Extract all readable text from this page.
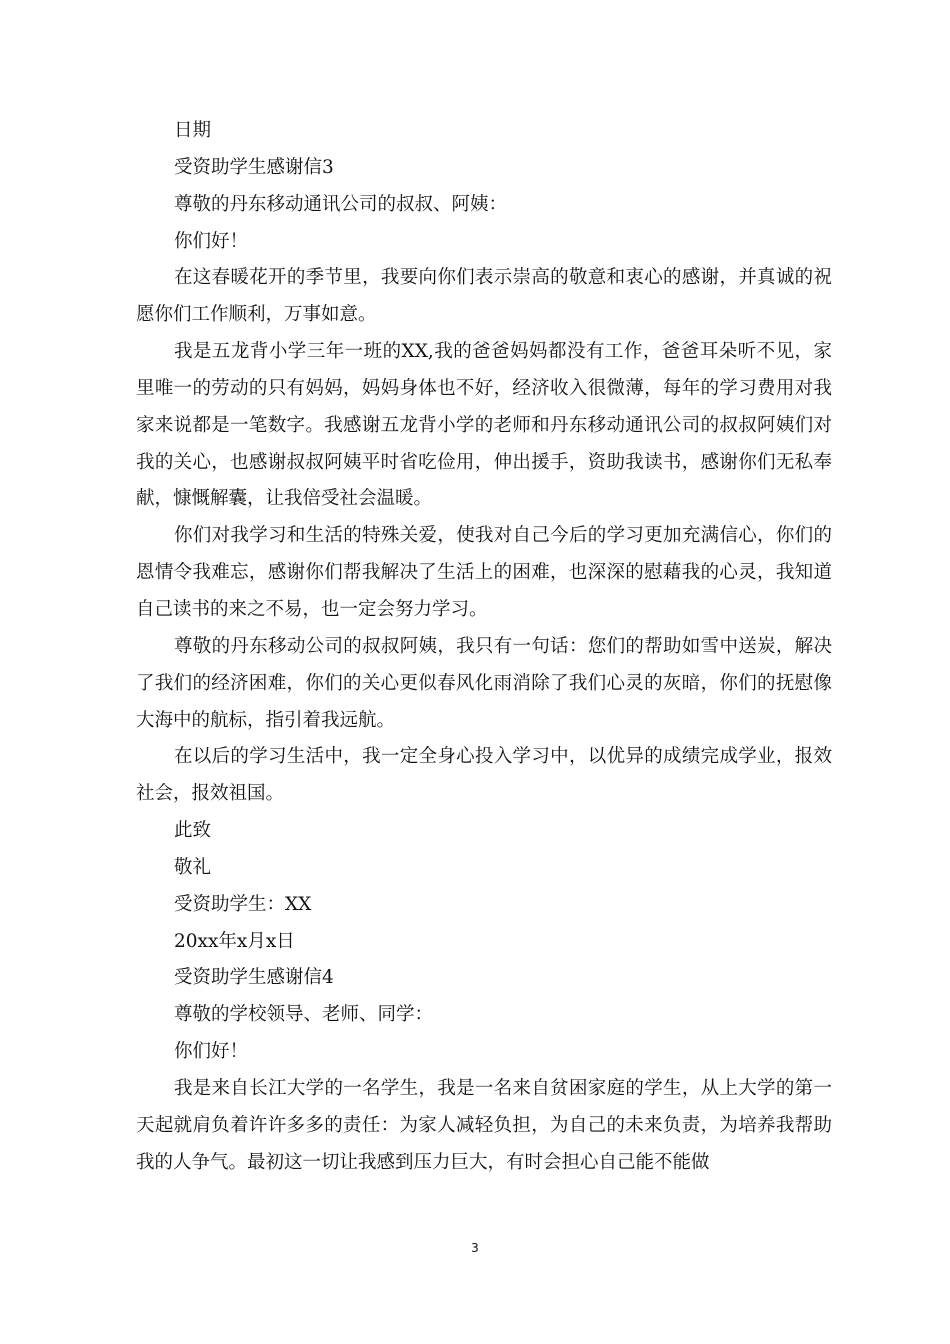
日期

受资助学生感谢信3

尊敬的丹东移动通讯公司的叔叔、阿姨：

你们好！

在这春暖花开的季节里，我要向你们表示崇高的敬意和衷心的感谢，并真诚的祝愿你们工作顺利，万事如意。

我是五龙背小学三年一班的XX,我的爸爸妈妈都没有工作，爸爸耳朵听不见，家里唯一的劳动的只有妈妈，妈妈身体也不好，经济收入很微薄，每年的学习费用对我家来说都是一笔数字。我感谢五龙背小学的老师和丹东移动通讯公司的叔叔阿姨们对我的关心，也感谢叔叔阿姨平时省吃俭用，伸出援手，资助我读书，感谢你们无私奉献，慷慨解囊，让我倍受社会温暖。

你们对我学习和生活的特殊关爱，使我对自己今后的学习更加充满信心，你们的恩情令我难忘，感谢你们帮我解决了生活上的困难，也深深的慰藉我的心灵，我知道自己读书的来之不易，也一定会努力学习。

尊敬的丹东移动公司的叔叔阿姨，我只有一句话：您们的帮助如雪中送炭，解决了我们的经济困难，你们的关心更似春风化雨消除了我们心灵的灰暗，你们的抚慰像大海中的航标，指引着我远航。

在以后的学习生活中，我一定全身心投入学习中，以优异的成绩完成学业，报效社会，报效祖国。

此致

敬礼

受资助学生：XX

20xx年x月x日

受资助学生感谢信4

尊敬的学校领导、老师、同学：

你们好！

我是来自长江大学的一名学生，我是一名来自贫困家庭的学生，从上大学的第一天起就肩负着许许多多的责任：为家人减轻负担，为自己的未来负责，为培养我帮助我的人争气。最初这一切让我感到压力巨大，有时会担心自己能不能做

3
